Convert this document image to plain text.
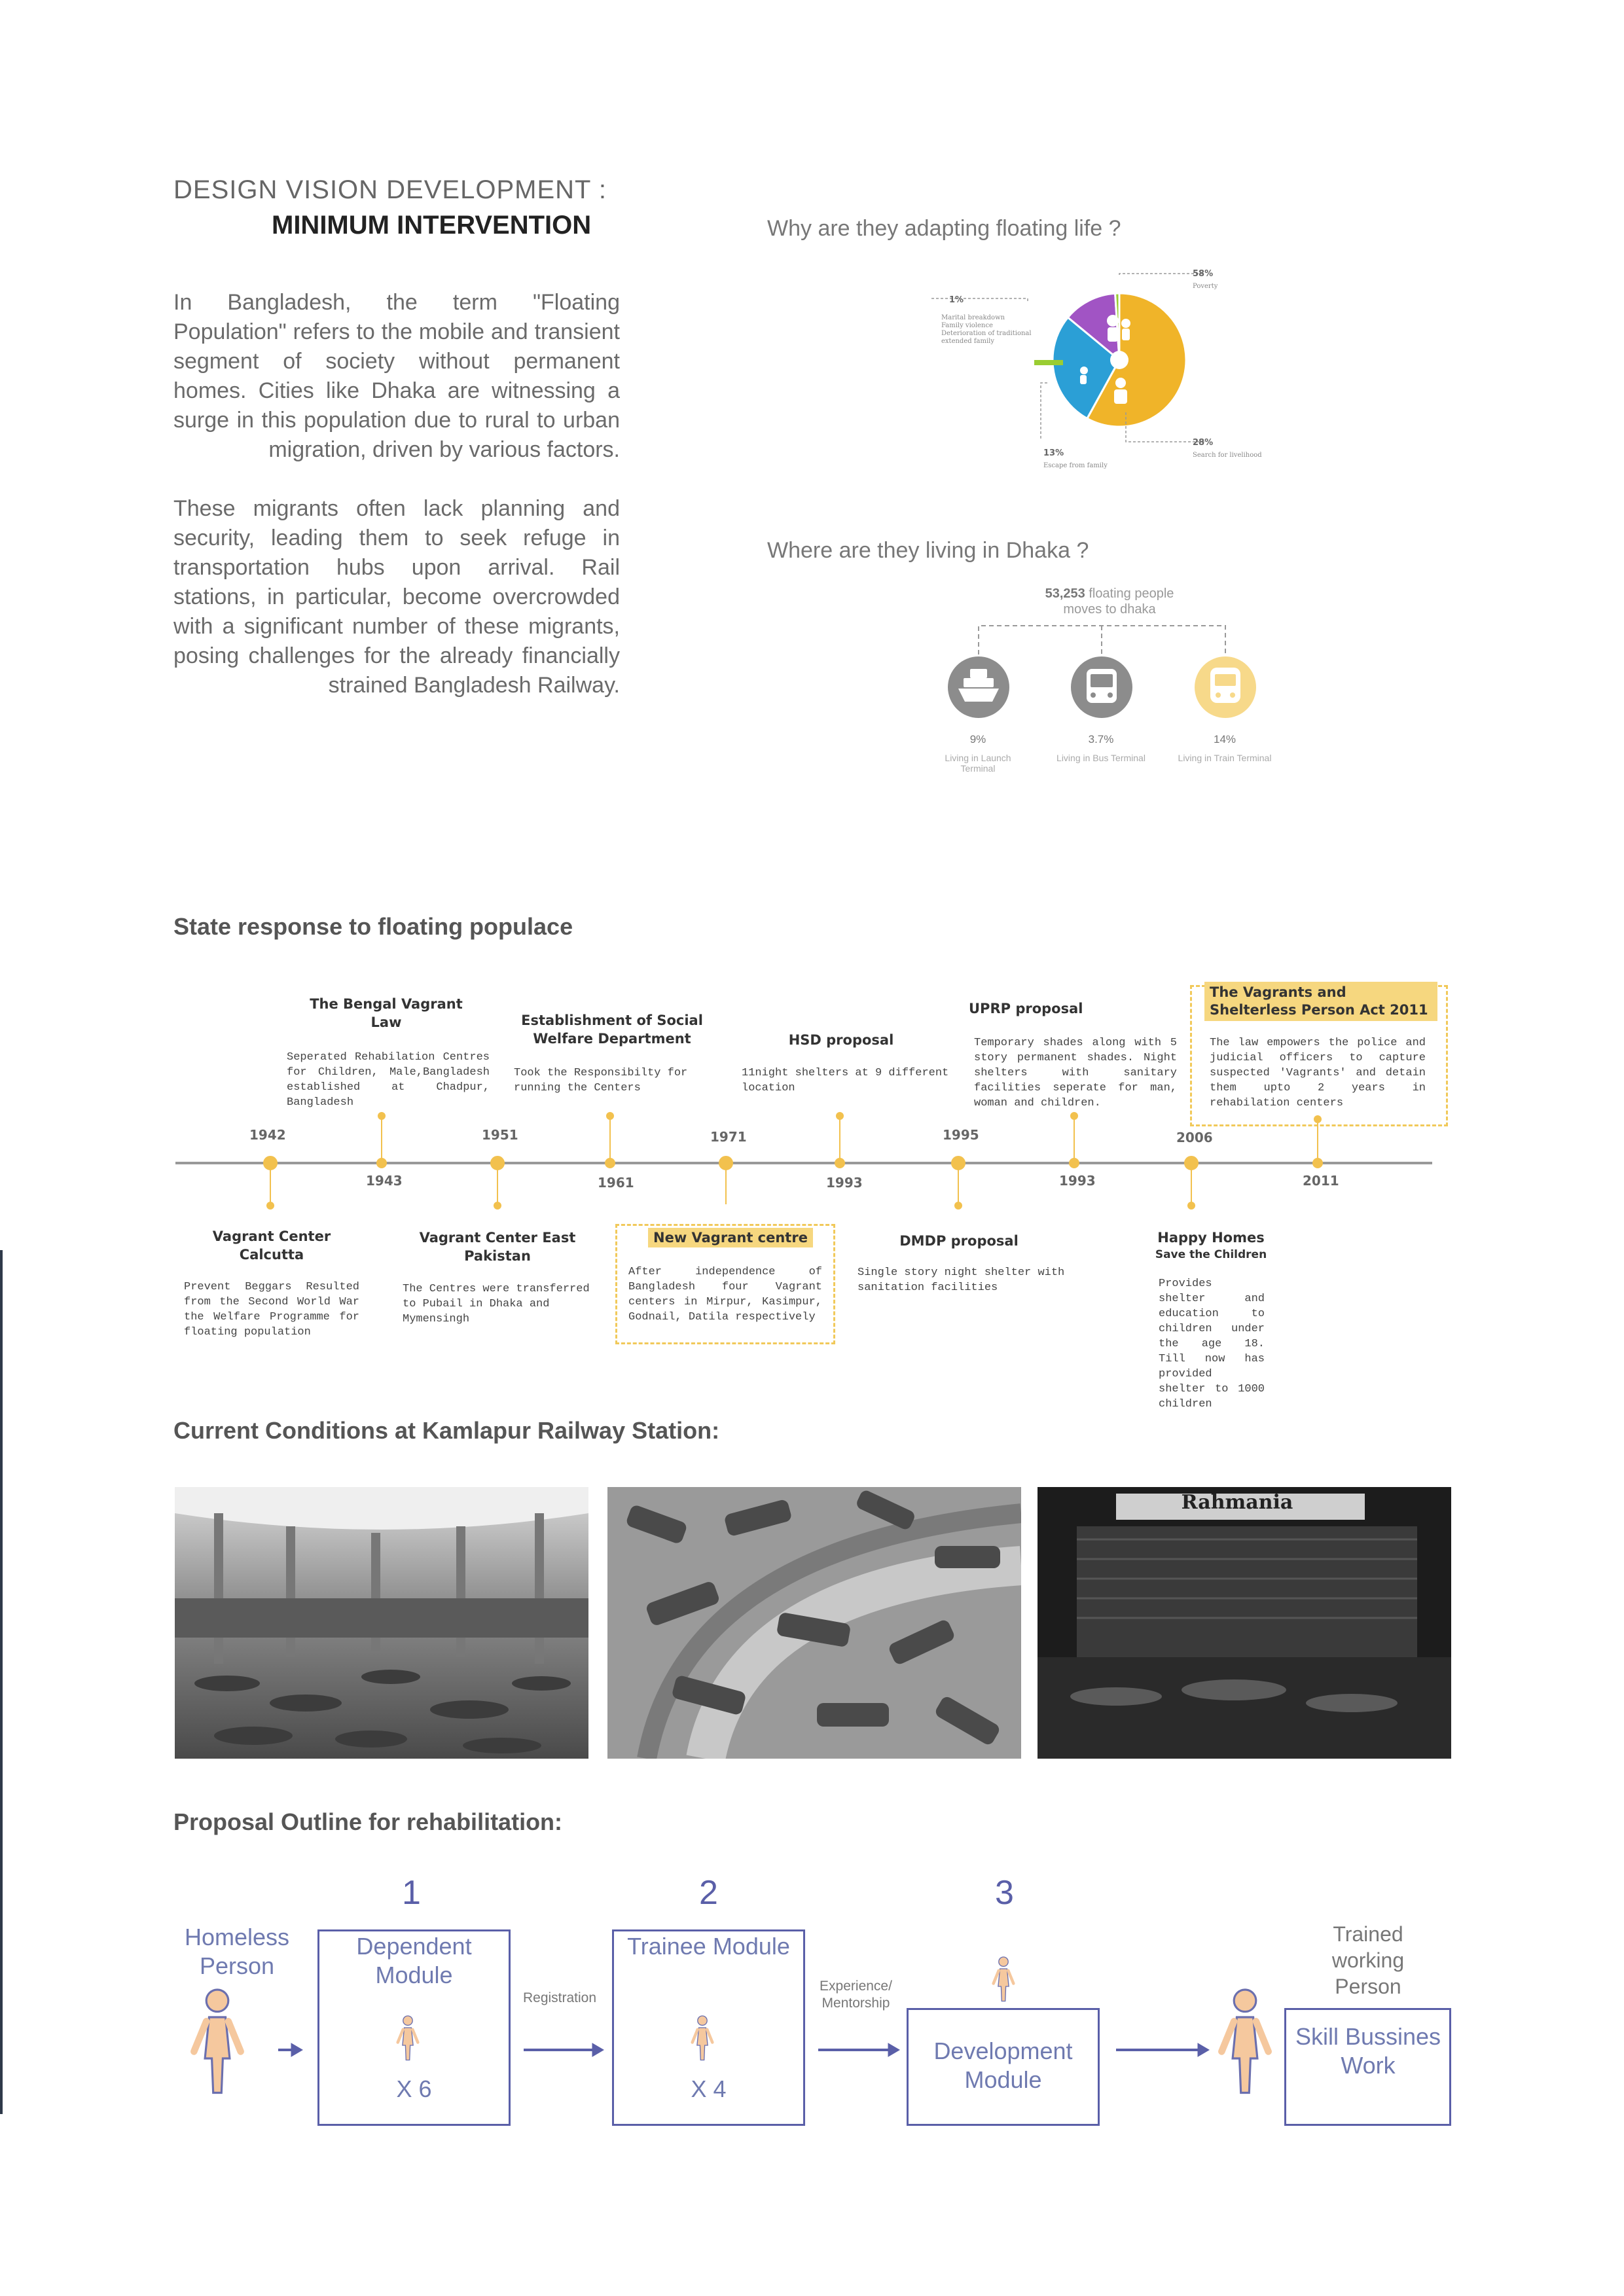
DESIGN VISION DEVELOPMENT :
MINIMUM INTERVENTION

In Bangladesh, the term "Floating Population" refers to the mobile and transient segment of society without permanent homes. Cities like Dhaka are witnessing a surge in this population due to rural to urban migration, driven by various factors.

These migrants often lack planning and security, leading them to seek refuge in transportation hubs upon arrival. Rail stations, in particular, become overcrowded with a significant number of these migrants, posing challenges for the already financially strained Bangladesh Railway.

Why are they adapting floating life ?
58%
Poverty
28%
Search for livelihood
13%
Escape from family
1%
Marital breakdown
Family violence
Deterioration of traditional
extended family
Where are they living in Dhaka ?
53,253 floating people
moves to dhaka
9%
Living in Launch Terminal
3.7%
Living in Bus Terminal
14%
Living in Train Terminal
State response to floating populace
The Bengal Vagrant Law
Seperated Rehabilation Centres for Children, Male,Bangladesh established at Chadpur, Bangladesh
Establishment of Social Welfare Department
Took the Responsibilty for running the Centers
HSD proposal
11night shelters at 9 different location
UPRP proposal
Temporary shades along with 5 story permanent shades. Night shelters with sanitary facilities seperate for man, woman and children.
The Vagrants and Shelterless Person Act 2011
The law empowers the police and judicial officers to capture suspected 'Vagrants' and detain them upto 2 years in rehabilation centers
Vagrant Center Calcutta
Prevent Beggars Resulted from the Second World War the Welfare Programme for floating population
Vagrant Center East Pakistan
The Centres were transferred to Pubail in Dhaka and Mymensingh
New Vagrant centre
After independence of Bangladesh four Vagrant centers in Mirpur, Kasimpur, Godnail, Datila respectively
DMDP proposal
Single story night shelter with sanitation facilities
Happy Homes
Save the Children
Provides shelter and education to children under the age 18. Till now has provided shelter to 1000 children
1942
1943
1951
1961
1971
1993
1995
1993
2006
2011
Current Conditions at Kamlapur Railway Station:
Rahmania
Proposal Outline for rehabilitation:
1	2	3
Homeless Person
Dependent Module
X 6
Trainee Module
X 4
Development Module
Skill Bussines Work
Trained working Person
Registration
Experience/ Mentorship
